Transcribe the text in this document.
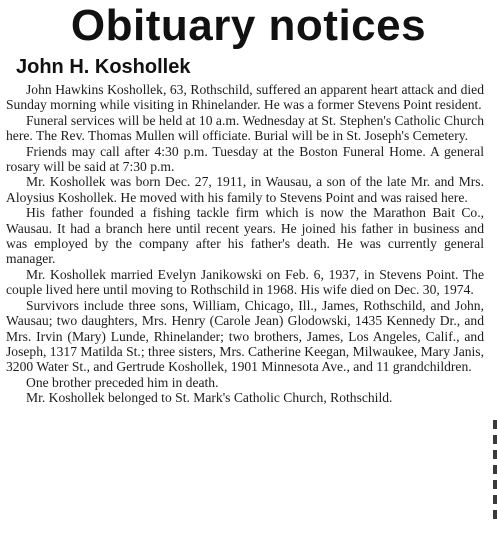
Obituary notices
John H. Koshollek

John Hawkins Koshollek, 63, Rothschild, suffered an apparent heart attack and died Sunday morning while visiting in Rhinelander. He was a former Stevens Point resident.

Funeral services will be held at 10 a.m. Wednesday at St. Stephen's Catholic Church here. The Rev. Thomas Mullen will officiate. Burial will be in St. Joseph's Cemetery.

Friends may call after 4:30 p.m. Tuesday at the Boston Funeral Home. A general rosary will be said at 7:30 p.m.

Mr. Koshollek was born Dec. 27, 1911, in Wausau, a son of the late Mr. and Mrs. Aloysius Koshollek. He moved with his family to Stevens Point and was raised here.

His father founded a fishing tackle firm which is now the Marathon Bait Co., Wausau. It had a branch here until recent years. He joined his father in business and was employed by the company after his father's death. He was currently general manager.

Mr. Koshollek married Evelyn Janikowski on Feb. 6, 1937, in Stevens Point. The couple lived here until moving to Rothschild in 1968. His wife died on Dec. 30, 1974.

Survivors include three sons, William, Chicago, Ill., James, Rothschild, and John, Wausau; two daughters, Mrs. Henry (Carole Jean) Glodowski, 1435 Kennedy Dr., and Mrs. Irvin (Mary) Lunde, Rhinelander; two brothers, James, Los Angeles, Calif., and Joseph, 1317 Matilda St.; three sisters, Mrs. Catherine Keegan, Milwaukee, Mary Janis, 3200 Water St., and Gertrude Koshollek, 1901 Minnesota Ave., and 11 grandchildren.

One brother preceded him in death.

Mr. Koshollek belonged to St. Mark's Catholic Church, Rothschild.
